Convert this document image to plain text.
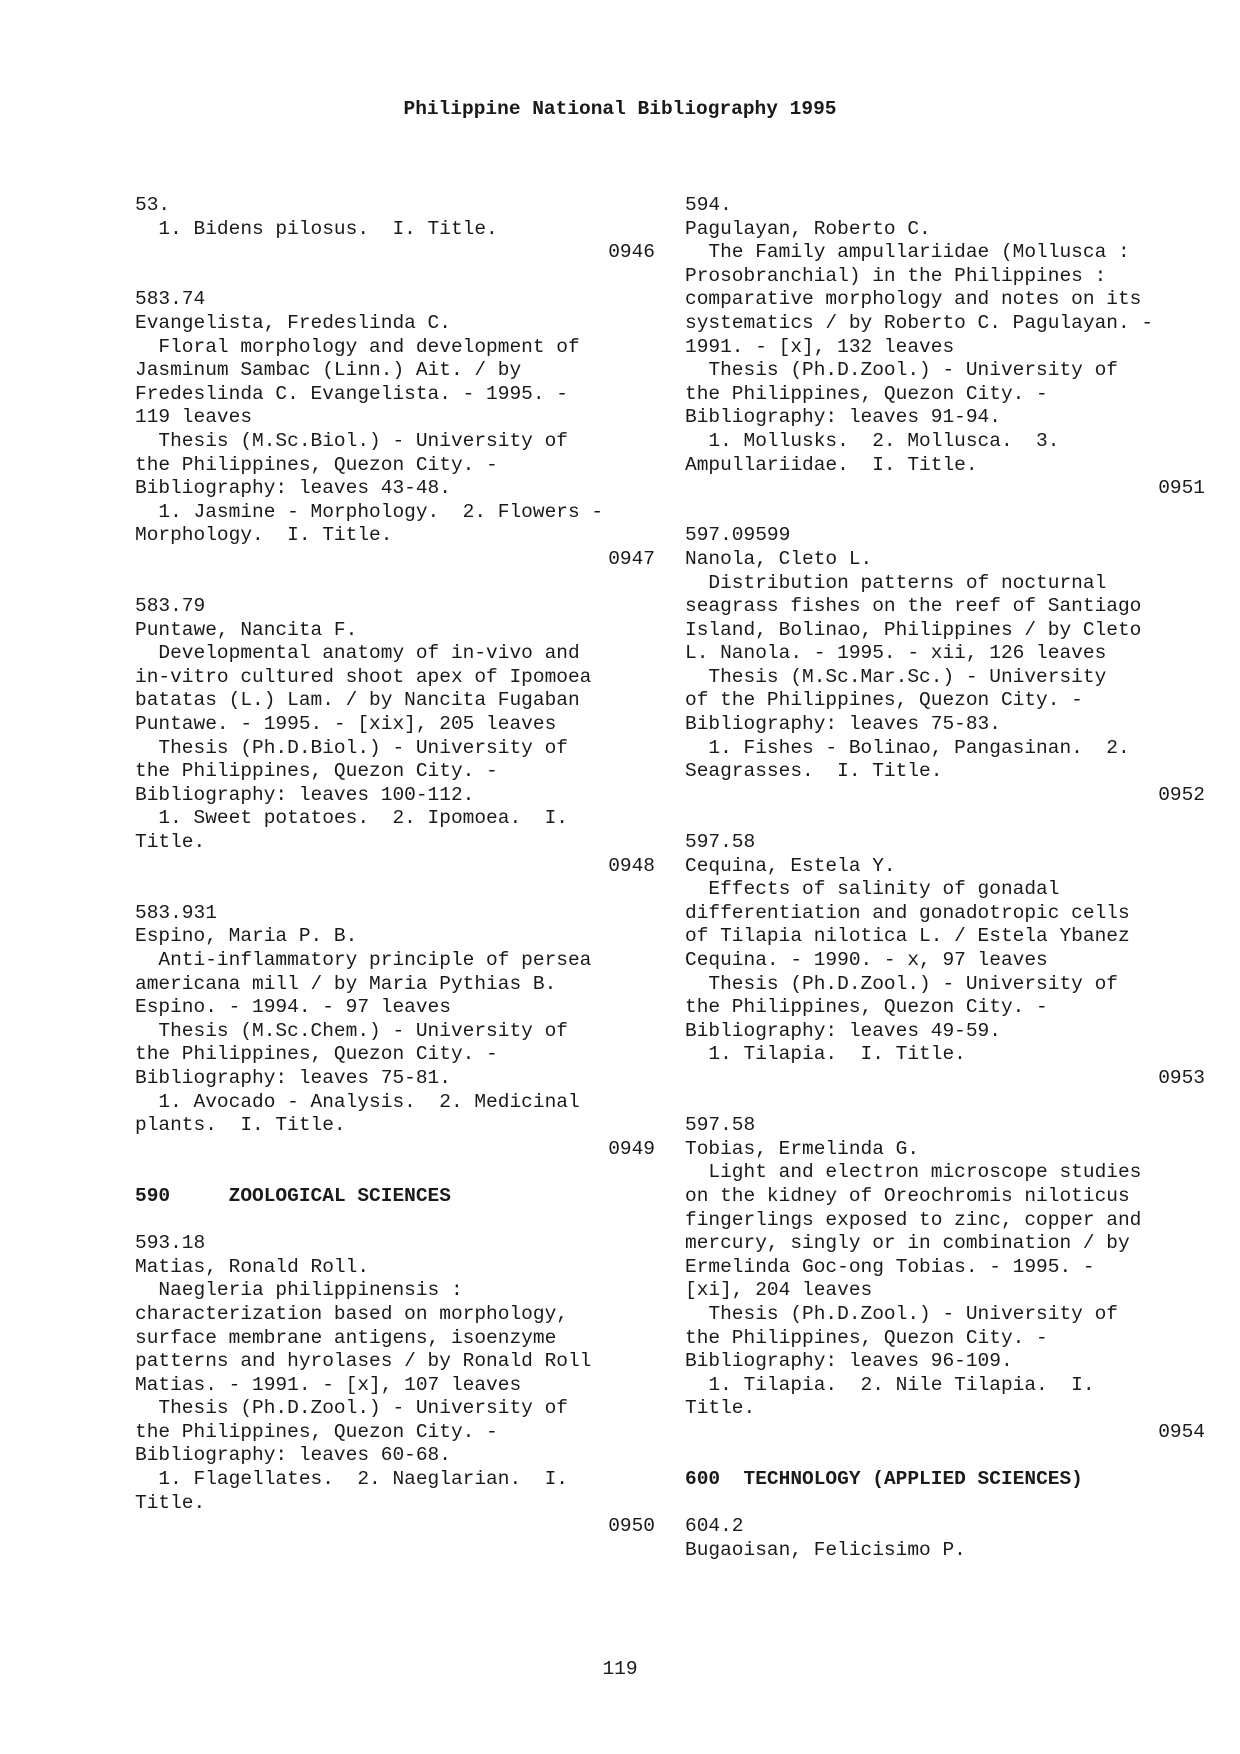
Philippine National Bibliography 1995
53.
1. Bidens pilosus.  I. Title.
0946
583.74
Evangelista, Fredeslinda C.
Floral morphology and development of
Jasminum Sambac (Linn.) Ait. / by
Fredeslinda C. Evangelista. - 1995. -
119 leaves
Thesis (M.Sc.Biol.) - University of
the Philippines, Quezon City. -
Bibliography: leaves 43-48.
1. Jasmine - Morphology.  2. Flowers -
Morphology.  I. Title.
0947
583.79
Puntawe, Nancita F.
Developmental anatomy of in-vivo and
in-vitro cultured shoot apex of Ipomoea
batatas (L.) Lam. / by Nancita Fugaban
Puntawe. - 1995. - [xix], 205 leaves
Thesis (Ph.D.Biol.) - University of
the Philippines, Quezon City. -
Bibliography: leaves 100-112.
1. Sweet potatoes.  2. Ipomoea.  I.
Title.
0948
583.931
Espino, Maria P. B.
Anti-inflammatory principle of persea
americana mill / by Maria Pythias B.
Espino. - 1994. - 97 leaves
Thesis (M.Sc.Chem.) - University of
the Philippines, Quezon City. -
Bibliography: leaves 75-81.
1. Avocado - Analysis.  2. Medicinal
plants.  I. Title.
0949
590	ZOOLOGICAL SCIENCES
593.18
Matias, Ronald Roll.
Naegleria philippinensis :
characterization based on morphology,
surface membrane antigens, isoenzyme
patterns and hyrolases / by Ronald Roll
Matias. - 1991. - [x], 107 leaves
Thesis (Ph.D.Zool.) - University of
the Philippines, Quezon City. -
Bibliography: leaves 60-68.
1. Flagellates.  2. Naeglarian.  I.
Title.
0950
594.
Pagulayan, Roberto C.
The Family ampullariidae (Mollusca :
Prosobranchial) in the Philippines :
comparative morphology and notes on its
systematics / by Roberto C. Pagulayan. -
1991. - [x], 132 leaves
Thesis (Ph.D.Zool.) - University of
the Philippines, Quezon City. -
Bibliography: leaves 91-94.
1. Mollusks.  2. Mollusca.  3.
Ampullariidae.  I. Title.
0951
597.09599
Nanola, Cleto L.
Distribution patterns of nocturnal
seagrass fishes on the reef of Santiago
Island, Bolinao, Philippines / by Cleto
L. Nanola. - 1995. - xii, 126 leaves
Thesis (M.Sc.Mar.Sc.) - University
of the Philippines, Quezon City. -
Bibliography: leaves 75-83.
1. Fishes - Bolinao, Pangasinan.  2.
Seagrasses.  I. Title.
0952
597.58
Cequina, Estela Y.
Effects of salinity of gonadal
differentiation and gonadotropic cells
of Tilapia nilotica L. / Estela Ybanez
Cequina. - 1990. - x, 97 leaves
Thesis (Ph.D.Zool.) - University of
the Philippines, Quezon City. -
Bibliography: leaves 49-59.
1. Tilapia.  I. Title.
0953
597.58
Tobias, Ermelinda G.
Light and electron microscope studies
on the kidney of Oreochromis niloticus
fingerlings exposed to zinc, copper and
mercury, singly or in combination / by
Ermelinda Goc-ong Tobias. - 1995. -
[xi], 204 leaves
Thesis (Ph.D.Zool.) - University of
the Philippines, Quezon City. -
Bibliography: leaves 96-109.
1. Tilapia.  2. Nile Tilapia.  I.
Title.
0954
600 TECHNOLOGY (APPLIED SCIENCES)
604.2
Bugaoisan, Felicisimo P.
119
